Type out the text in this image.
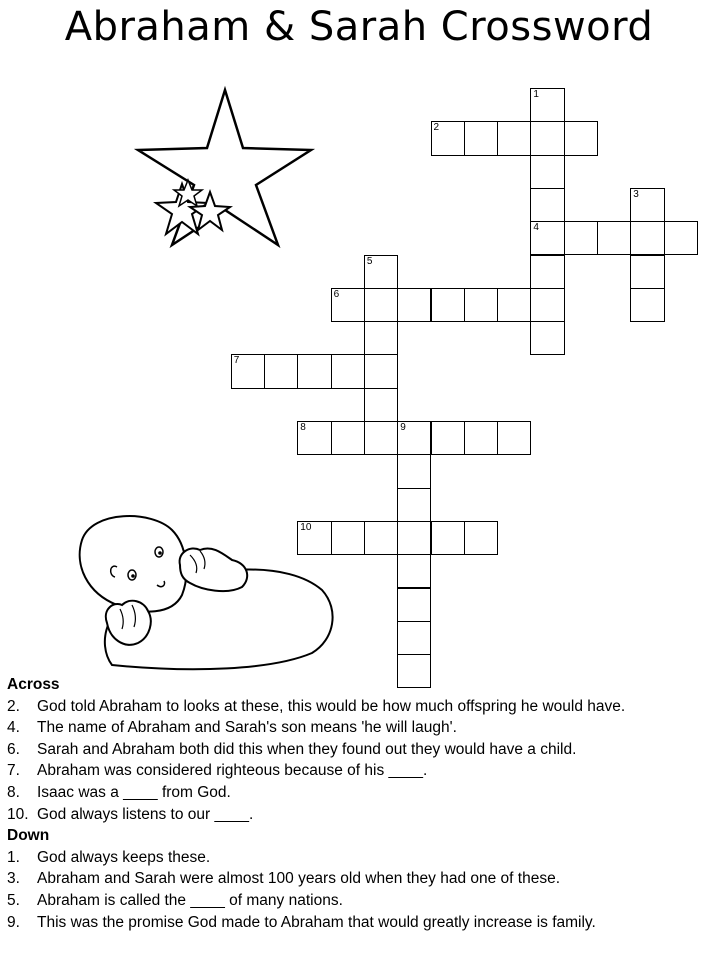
Abraham & Sarah Crossword
1
4
2
3
5
6
7
8	9
10
Across
2.	God told Abraham to looks at these, this would be how much offspring he would have.
4.	The name of Abraham and Sarah's son means 'he will laugh'.
6.	Sarah and Abraham both did this when they found out they would have a child.
7.	Abraham was considered righteous because of his ____.
8.	Isaac was a ____ from God.
10. God always listens to our ____.
Down
1.	God always keeps these.
3.	Abraham and Sarah were almost 100 years old when they had one of these.
5.	Abraham is called the ____ of many nations.
9.	This was the promise God made to Abraham that would greatly increase is family.
